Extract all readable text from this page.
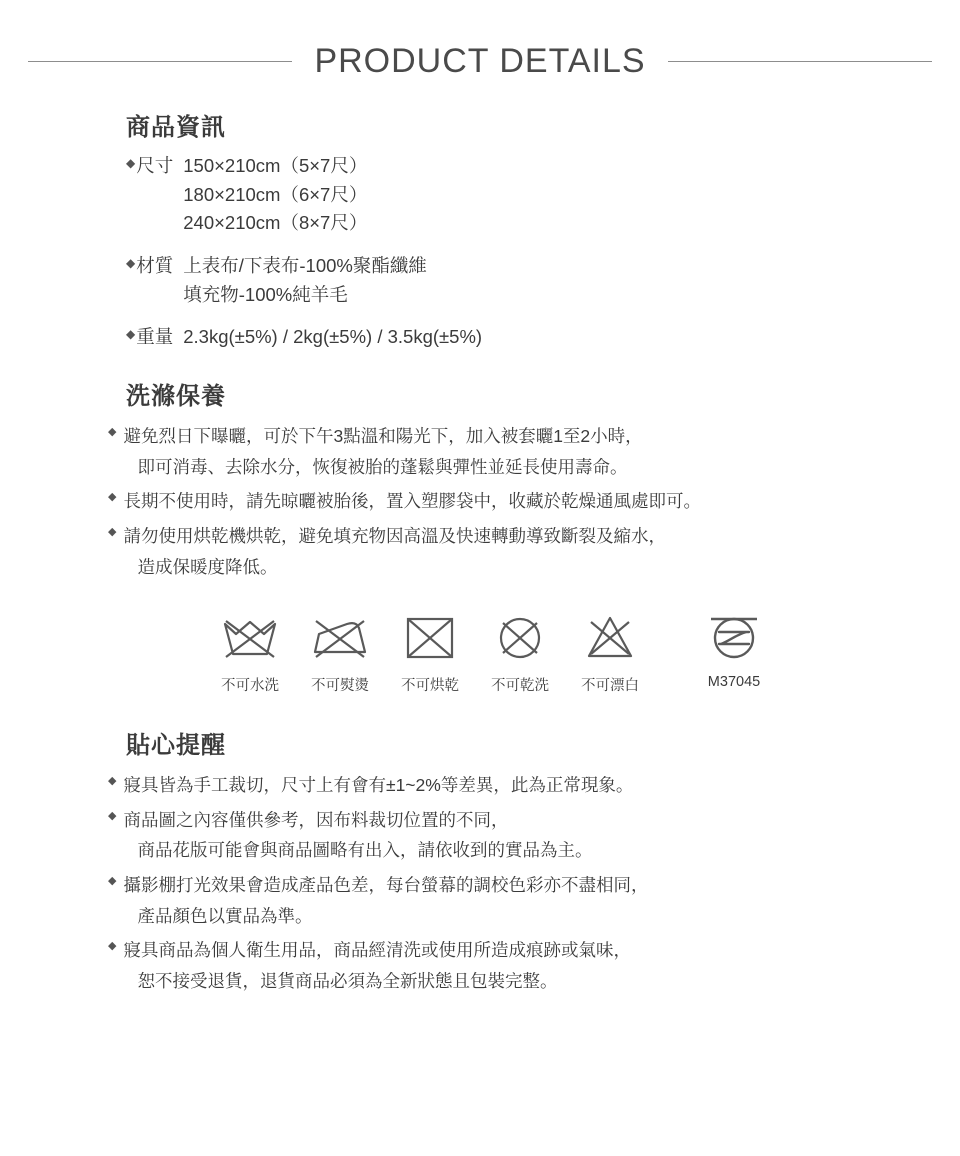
PRODUCT DETAILS
商品資訊
◆ 尺寸 150×210cm（5×7尺）
180×210cm（6×7尺）
240×210cm（8×7尺）
◆ 材質 上表布/下表布-100%聚酯纖維
填充物-100%純羊毛
◆ 重量 2.3kg(±5%) / 2kg(±5%) / 3.5kg(±5%)
洗滌保養
◆ 避免烈日下曝曬，可於下午3點溫和陽光下，加入被套曬1至2小時，
即可消毒、去除水分，恢復被胎的蓬鬆與彈性並延長使用壽命。
◆ 長期不使用時，請先晾曬被胎後，置入塑膠袋中，收藏於乾燥通風處即可。
◆ 請勿使用烘乾機烘乾，避免填充物因高溫及快速轉動導致斷裂及縮水，
造成保暖度降低。
不可水洗 不可熨燙 不可烘乾 不可乾洗 不可漂白	M37045
貼心提醒
◆ 寢具皆為手工裁切，尺寸上有會有±1~2%等差異，此為正常現象。
◆ 商品圖之內容僅供參考，因布料裁切位置的不同，
商品花版可能會與商品圖略有出入，請依收到的實品為主。
◆ 攝影棚打光效果會造成產品色差，每台螢幕的調校色彩亦不盡相同，
產品顏色以實品為準。
◆ 寢具商品為個人衛生用品，商品經清洗或使用所造成痕跡或氣味，
恕不接受退貨，退貨商品必須為全新狀態且包裝完整。
